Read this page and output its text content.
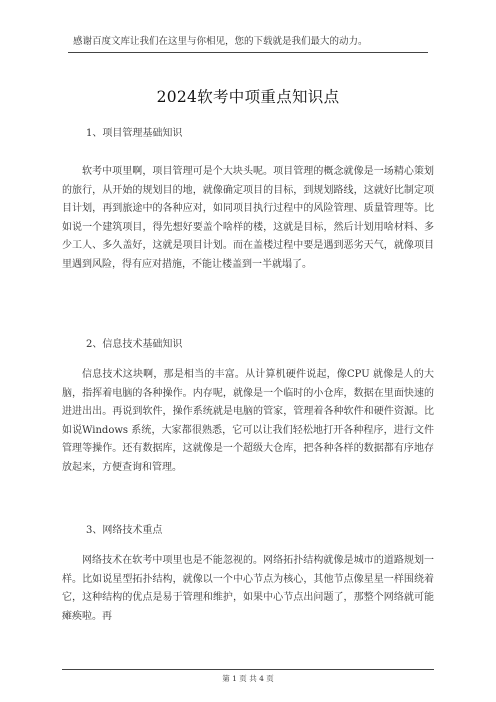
感谢百度文库让我们在这里与你相见，您的下载就是我们最大的动力。
2024软考中项重点知识点
1、项目管理基础知识

软考中项里啊，项目管理可是个大块头呢。项目管理的概念就像是一场精心策划的旅行，从开始的规划目的地，就像确定项目的目标，到规划路线，这就好比制定项目计划，再到旅途中的各种应对，如同项目执行过程中的风险管理、质量管理等。比如说一个建筑项目，得先想好要盖个啥样的楼，这就是目标，然后计划用啥材料、多少工人、多久盖好，这就是项目计划。而在盖楼过程中要是遇到恶劣天气，就像项目里遇到风险，得有应对措施，不能让楼盖到一半就塌了。

2、信息技术基础知识

信息技术这块啊，那是相当的丰富。从计算机硬件说起，像CPU 就像是人的大脑，指挥着电脑的各种操作。内存呢，就像是一个临时的小仓库，数据在里面快速的进进出出。再说到软件，操作系统就是电脑的管家，管理着各种软件和硬件资源。比如说Windows 系统，大家都很熟悉，它可以让我们轻松地打开各种程序，进行文件管理等操作。还有数据库，这就像是一个超级大仓库，把各种各样的数据都有序地存放起来，方便查询和管理。

3、网络技术重点

网络技术在软考中项里也是不能忽视的。网络拓扑结构就像是城市的道路规划一样。比如说星型拓扑结构，就像以一个中心节点为核心，其他节点像星星一样围绕着它，这种结构的优点是易于管理和维护，如果中心节点出问题了，那整个网络就可能瘫痪啦。再

第 1 页 共 4 页
